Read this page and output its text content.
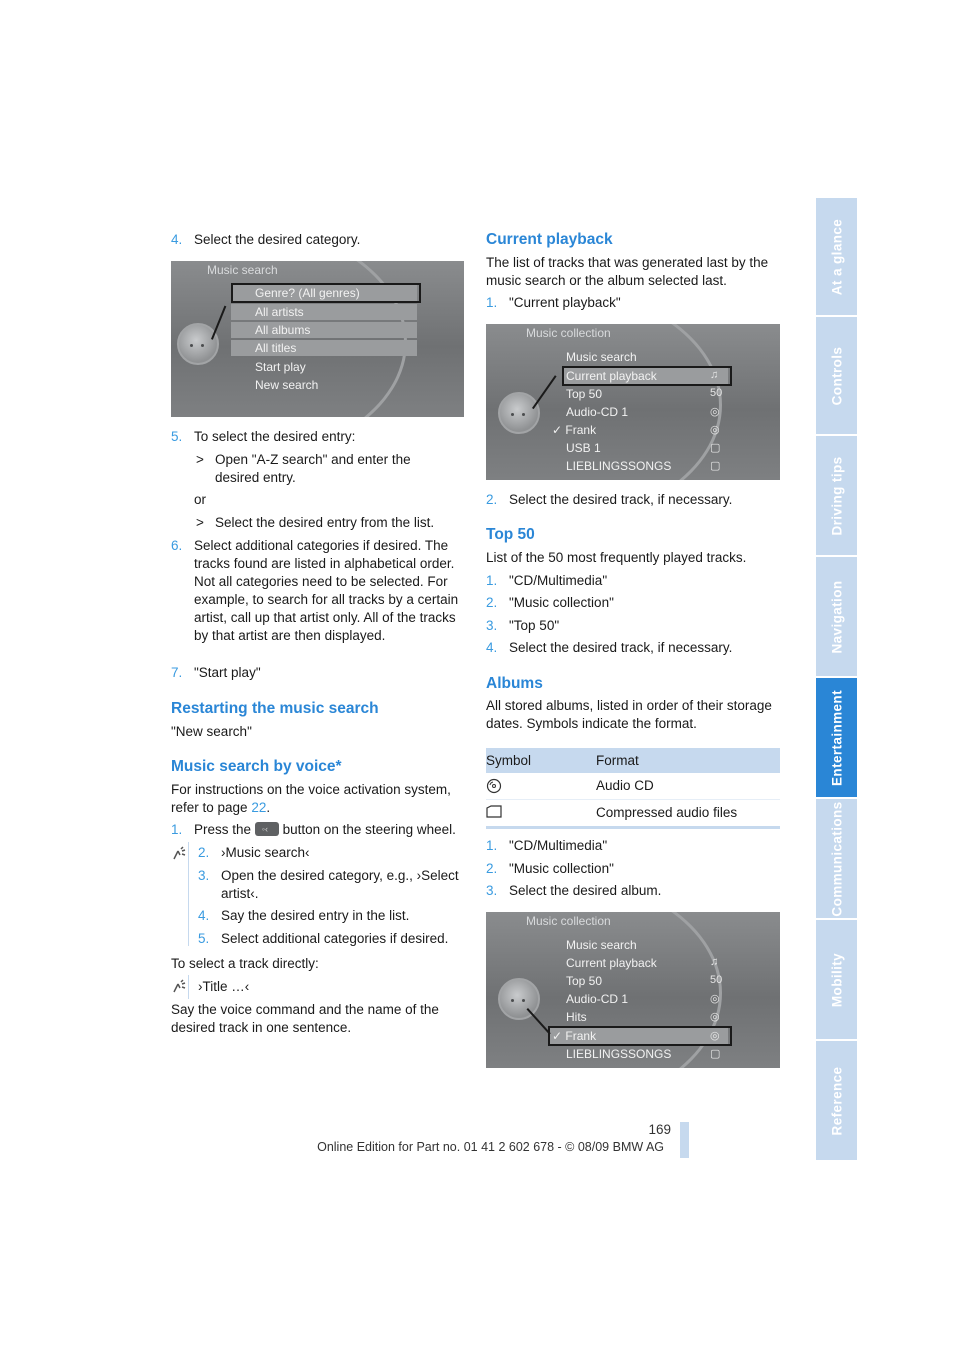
At a glance
Controls
Driving tips
Navigation
Entertainment
Communications
Mobility
Reference
4. Select the desired category.
Music search
Genre? (All genres)
All artists
All albums
All titles
Start play
New search
5. To select the desired entry:
> Open "A-Z search" and enter the desired entry.
or
> Select the desired entry from the list.
6. Select additional categories if desired. The tracks found are listed in alphabetical order. Not all categories need to be selected. For example, to search for all tracks by a certain artist, call up that artist only. All of the tracks by that artist are then displayed.
7. "Start play"
Restarting the music search
"New search"
Music search by voice*
For instructions on the voice activation system, refer to page 22.
1. Press the ◦‹ button on the steering wheel.
2. ›Music search‹
3. Open the desired category, e.g., ›Select artist‹.
4. Say the desired entry in the list.
5. Select additional categories if desired.
To select a track directly:
›Title …‹
Say the voice command and the name of the desired track in one sentence.
Current playback
The list of tracks that was generated last by the music search or the album selected last.
1. "Current playback"
Music collection
Music search
Current playback
Top 50
Audio-CD 1
✓ Frank
USB 1
LIEBLINGSSONGS
♫
50
◎
◎
▢
▢
2. Select the desired track, if necessary.
Top 50
List of the 50 most frequently played tracks.
1. "CD/Multimedia"
2. "Music collection"
3. "Top 50"
4. Select the desired track, if necessary.
Albums
All stored albums, listed in order of their storage dates. Symbols indicate the format.
Symbol	Format
Audio CD
Compressed audio files
1. "CD/Multimedia"
2. "Music collection"
3. Select the desired album.
Music collection
Music search
Current playback
Top 50
Audio-CD 1
Hits
✓ Frank
LIEBLINGSSONGS
♫
50
◎
◎
◎
▢
169
Online Edition for Part no. 01 41 2 602 678 - © 08/09 BMW AG
